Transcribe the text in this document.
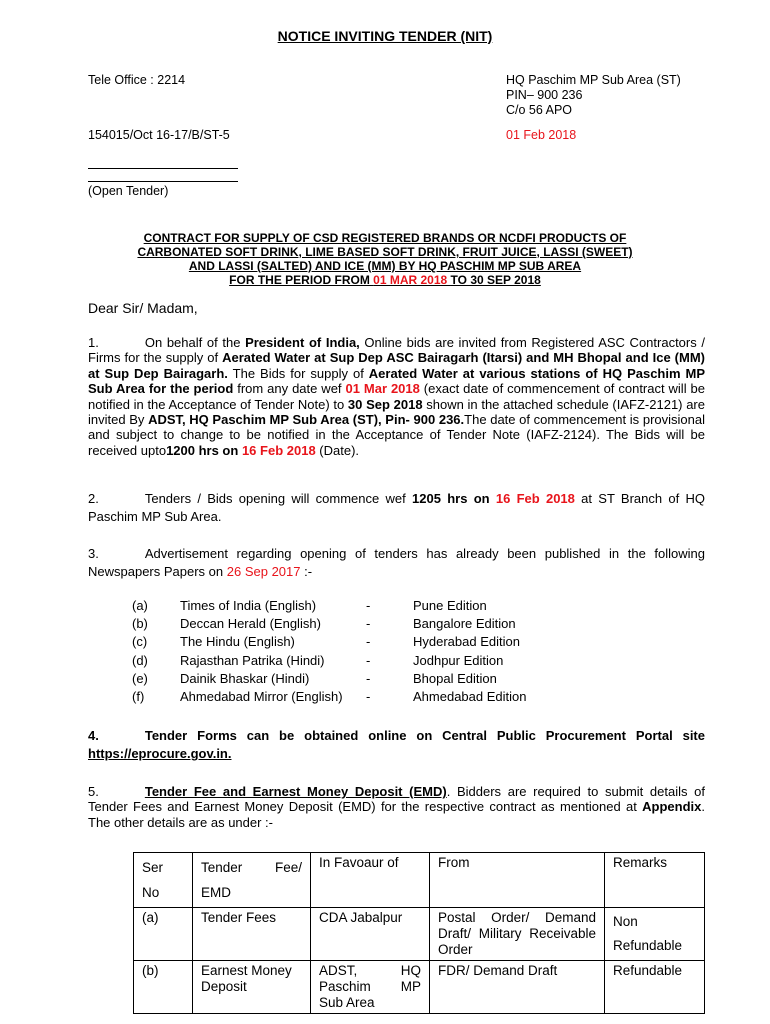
NOTICE INVITING TENDER (NIT)
Tele Office : 2214	HQ Paschim MP Sub Area (ST)
PIN– 900 236
C/o 56 APO
154015/Oct 16-17/B/ST-5	01 Feb 2018
(Open Tender)
CONTRACT FOR SUPPLY OF CSD REGISTERED BRANDS OR NCDFI PRODUCTS OF
CARBONATED SOFT DRINK, LIME BASED SOFT DRINK, FRUIT JUICE, LASSI (SWEET)
AND LASSI (SALTED) AND ICE (MM) BY HQ PASCHIM MP SUB AREA
FOR THE PERIOD FROM 01 MAR 2018 TO 30 SEP 2018
Dear Sir/ Madam,
1.	On behalf of the President of India, Online bids are invited from Registered ASC Contractors / Firms for the supply of Aerated Water at Sup Dep ASC Bairagarh (Itarsi) and MH Bhopal and Ice (MM) at Sup Dep Bairagarh. The Bids for supply of Aerated Water at various stations of HQ Paschim MP Sub Area for the period from any date wef 01 Mar 2018 (exact date of commencement of contract will be notified in the Acceptance of Tender Note) to 30 Sep 2018 shown in the attached schedule (IAFZ-2121) are invited By ADST, HQ Paschim MP Sub Area (ST), Pin- 900 236.The date of commencement is provisional and subject to change to be notified in the Acceptance of Tender Note (IAFZ-2124). The Bids will be received upto1200 hrs on 16 Feb 2018 (Date).
2.	Tenders / Bids opening will commence wef 1205 hrs on 16 Feb 2018 at ST Branch of HQ Paschim MP Sub Area.
3.	Advertisement regarding opening of tenders has already been published in the following Newspapers Papers on 26 Sep 2017 :-
(a) Times of India (English)	-	Pune Edition
(b) Deccan Herald (English)	-	Bangalore Edition
(c)	The Hindu (English)	-	Hyderabad Edition
(d) Rajasthan Patrika (Hindi)	-	Jodhpur Edition
(e) Dainik Bhaskar (Hindi)	-	Bhopal Edition
(f)	Ahmedabad Mirror (English) -	Ahmedabad Edition
4.	Tender Forms can be obtained online on Central Public Procurement Portal site https://eprocure.gov.in.
5.	Tender Fee and Earnest Money Deposit (EMD). Bidders are required to submit details of Tender Fees and Earnest Money Deposit (EMD) for the respective contract as mentioned at Appendix. The other details are as under :-
Ser No	Tender Fee/ EMD	In Favoaur of	From	Remarks
(a)	Tender Fees	CDA Jabalpur	Postal Order/ Demand Draft/ Military Receivable Order	Non Refundable
(b)	Earnest Money Deposit	ADST, HQ Paschim MP Sub Area	FDR/ Demand Draft	Refundable
